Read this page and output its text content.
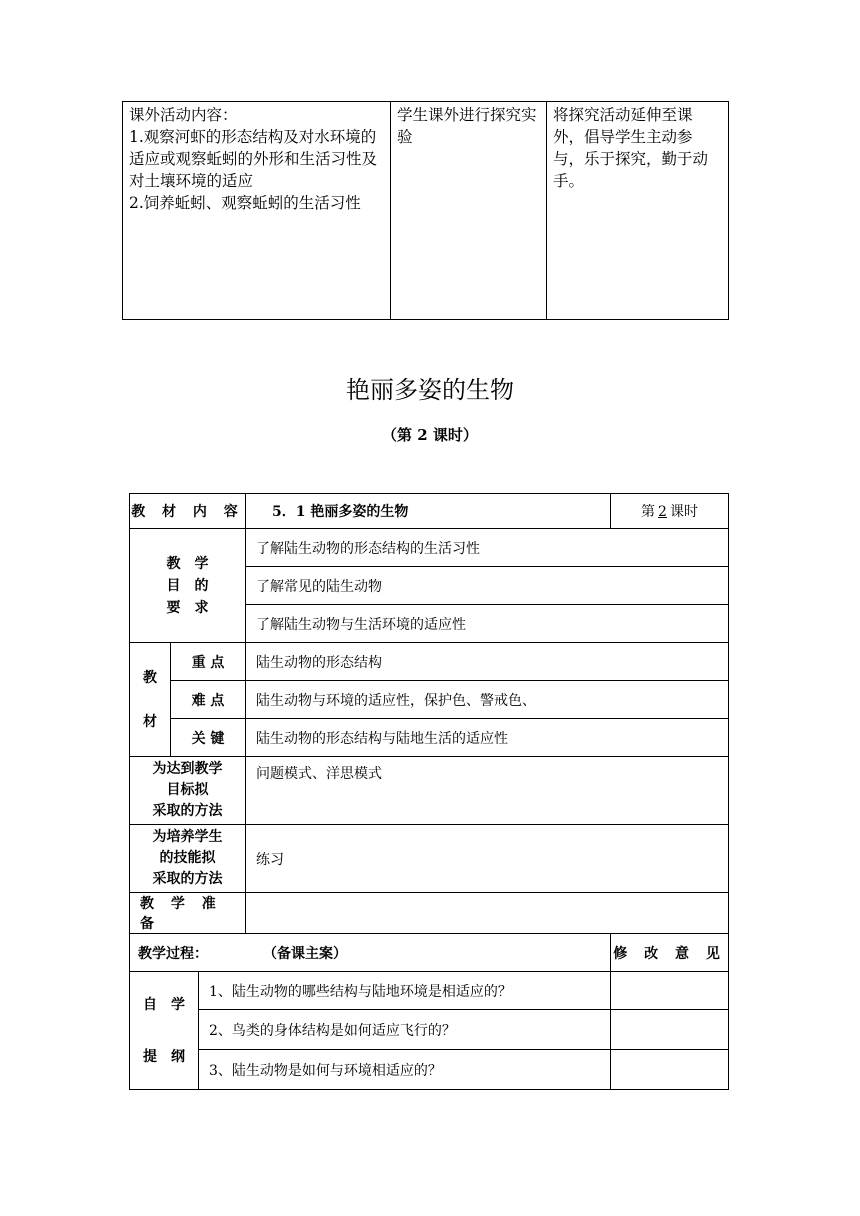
课外活动内容：
1.观察河虾的形态结构及对水环境的适应或观察蚯蚓的外形和生活习性及对土壤环境的适应
2.饲养蚯蚓、观察蚯蚓的生活习性	学生课外进行探究实验	将探究活动延伸至课外，倡导学生主动参与，乐于探究，勤于动手。
艳丽多姿的生物
（第 2 课时）
教 材 内 容			5．1 艳丽多姿的生物	第 2 课时

教　学
目　的
要　求			了解陆生动物的形态结构的生活习性	
			了解常见的陆生动物	
			了解陆生动物与生活环境的适应性	

教
材	重 点		陆生动物的形态结构	
	难 点		陆生动物与环境的适应性，保护色、警戒色、	
	关 键		陆生动物的形态结构与陆地生活的适应性	

为达到教学
目标拟
采取的方法			问题模式、洋思模式	

为培养学生
的技能拟
采取的方法			练习	
教 学 准 备				
教学过程： （备课主案）				修 改 意 见

自　学
提　纲		1、陆生动物的哪些结构与陆地环境是相适应的？		
		2、鸟类的身体结构是如何适应飞行的？		
		3、陆生动物是如何与环境相适应的？		
